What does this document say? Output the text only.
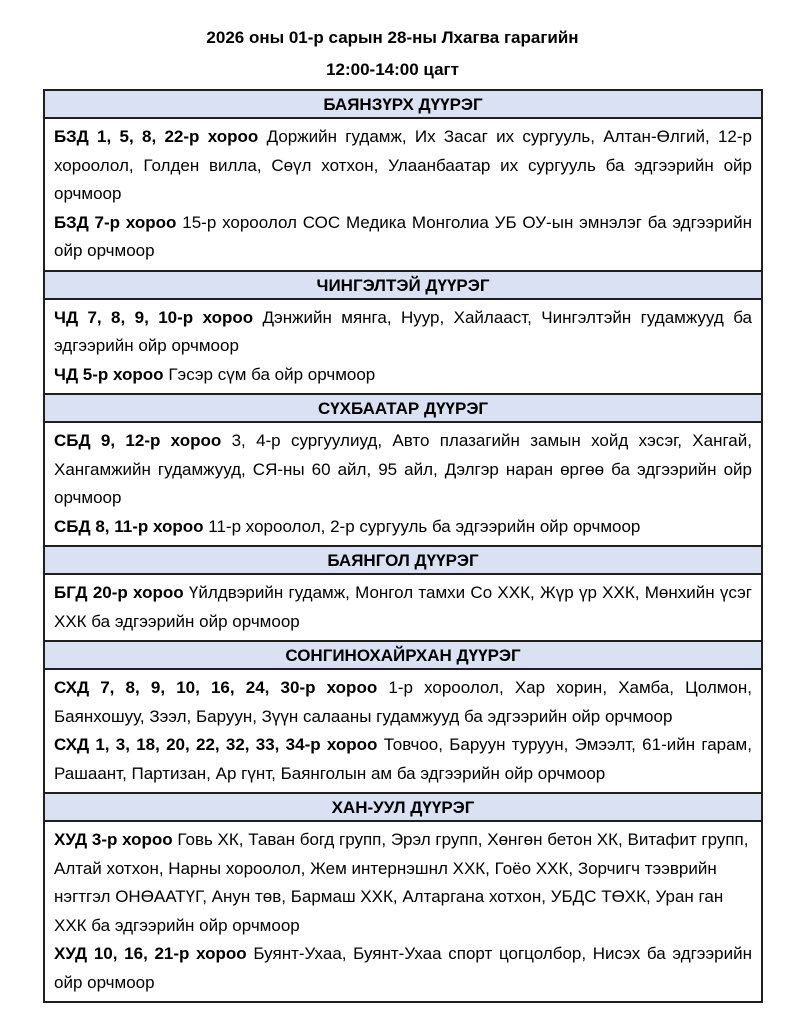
2026 оны 01-р сарын 28-ны Лхагва гарагийн
12:00-14:00 цагт
БАЯНЗҮРХ ДҮҮРЭГ

БЗД 1, 5, 8, 22-р хороо Доржийн гудамж, Их Засаг их сургууль, Алтан-Өлгий, 12-р хороолол, Голден вилла, Сөүл хотхон, Улаанбаатар их сургууль ба эдгээрийн ойр орчмоор

БЗД 7-р хороо 15-р хороолол СОС Медика Монголиа УБ ОУ-ын эмнэлэг ба эдгээрийн ойр орчмоор

ЧИНГЭЛТЭЙ ДҮҮРЭГ

ЧД 7, 8, 9, 10-р хороо Дэнжийн мянга, Нуур, Хайлааст, Чингэлтэйн гудамжууд ба эдгээрийн ойр орчмоор

ЧД 5-р хороо Гэсэр сүм ба ойр орчмоор

СҮХБААТАР ДҮҮРЭГ

СБД 9, 12-р хороо 3, 4-р сургуулиуд, Авто плазагийн замын хойд хэсэг, Хангай, Хангамжийн гудамжууд, СЯ-ны 60 айл, 95 айл, Дэлгэр наран өргөө ба эдгээрийн ойр орчмоор

СБД 8, 11-р хороо 11-р хороолол, 2-р сургууль ба эдгээрийн ойр орчмоор

БАЯНГОЛ ДҮҮРЭГ

БГД 20-р хороо Үйлдвэрийн гудамж, Монгол тамхи Со ХХК, Жүр үр ХХК, Мөнхийн үсэг ХХК ба эдгээрийн ойр орчмоор

СОНГИНОХАЙРХАН ДҮҮРЭГ

СХД 7, 8, 9, 10, 16, 24, 30-р хороо 1-р хороолол, Хар хорин, Хамба, Цолмон, Баянхошуу, Зээл, Баруун, Зүүн салааны гудамжууд ба эдгээрийн ойр орчмоор

СХД 1, 3, 18, 20, 22, 32, 33, 34-р хороо Товчоо, Баруун туруун, Эмээлт, 61-ийн гарам, Рашаант, Партизан, Ар гүнт, Баянголын ам ба эдгээрийн ойр орчмоор

ХАН-УУЛ ДҮҮРЭГ

ХУД 3-р хороо Говь ХК, Таван богд групп, Эрэл групп, Хөнгөн бетон ХК, Витафит групп, Алтай хотхон, Нарны хороолол, Жем интернэшнл ХХК, Гоёо ХХК, Зорчигч тээврийн нэгтгэл ОНӨААТҮГ, Анун төв, Бармаш ХХК, Алтаргана хотхон, УБДС ТӨХК, Уран ган ХХК ба эдгээрийн ойр орчмоор

ХУД 10, 16, 21-р хороо Буянт-Ухаа, Буянт-Ухаа спорт цогцолбор, Нисэх ба эдгээрийн ойр орчмоор
